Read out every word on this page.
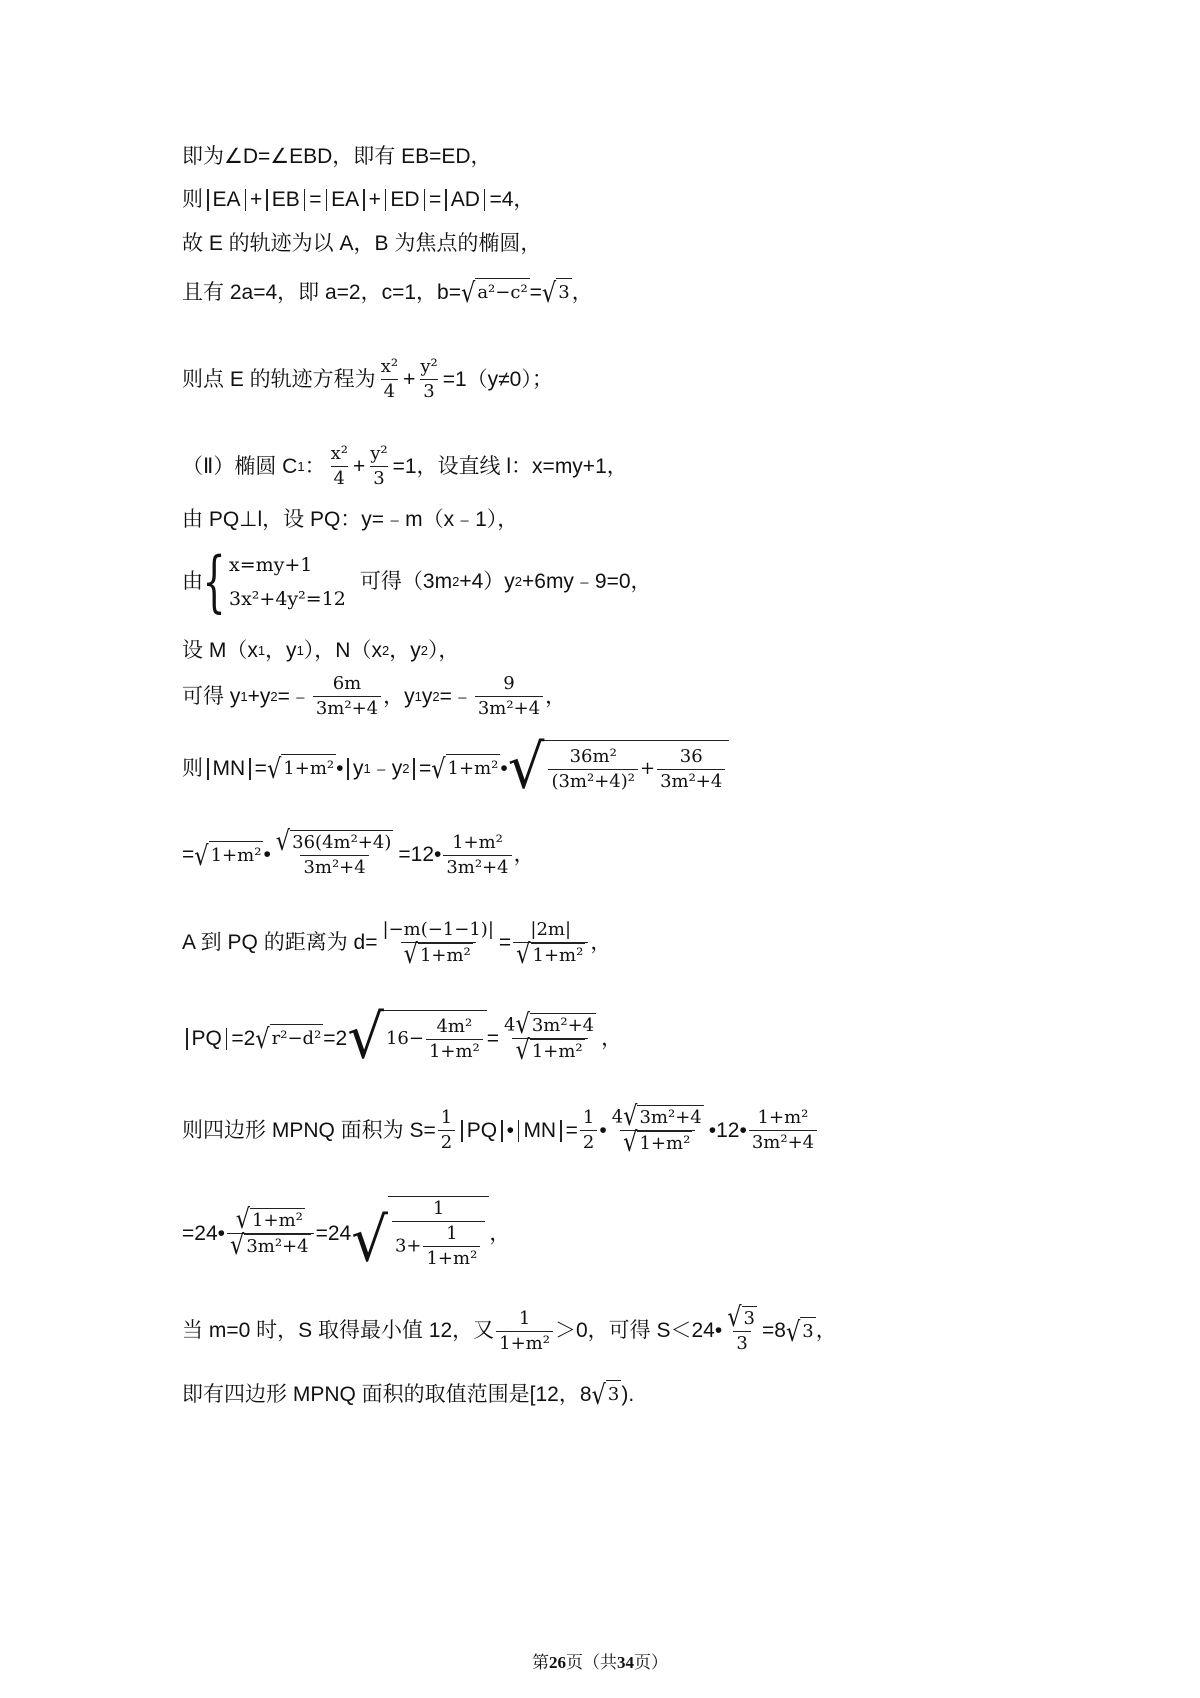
即为∠D=∠EBD，即有 EB=ED，
则 EA + EB = EA + ED = AD =4，
故 E 的轨迹为以 A，B 为焦点的椭圆，
且有 2a=4，即 a=2，c=1，b= √ a²−c² = √ 3 ，
则点 E 的轨迹方程为 $\frac{\text{x²}}{4} + \frac{\text{y²}}{3} =1(y\ne 0)$；
（Ⅱ）椭圆 C 1 ： $\frac{\text{x²}}{4} + \frac{\text{y²}}{3} =1$，设直线 l：x=my+1，
由 PQ⊥l，设 PQ：y=﹣m（x﹣1），
由 { x=my+1
3x²+4y²=12
可得（3m 2 +4）y 2 +6my﹣9=0，
设 M（x 1 ，y 1 ），N（x 2 ，y 2 ），
可得 y 1 +y 2 =﹣ $\frac{6m}{\text{3m²+4}}$ ，y 1 y 2 =﹣ $\frac{9}{\text{3m²+4}}$ ，
则 MN = √ 1+m² • y 1 ﹣y 2 = √ 1+m² • √ $\frac{\text{36m²}}{\text{(3m²+4)²}} + \frac{36}{\text{3m²+4}}$
= √ 1+m² • $\frac{\text{√ 36(4m²+4)}}{\text{3m²+4}}$ =12• $\frac{\text{1+m²}}{\text{3m²+4}}$ ，
A 到 PQ 的距离为 $d= \frac{|-m(-1-1)|}{\text{√ 1+m²}} = \frac{|2m|}{\text{√ 1+m²}}$ ，
PQ =2 √ r²−d² =2 √ $16- \frac{\text{4m²}}{\text{1+m²}} = \frac{\text{4 √ 3m²+4}}{\text{√ 1+m²}}$ ，
则四边形 MPNQ 面积为 $S= \frac{1}{2}$ PQ • MN = $\frac{1}{2}$ • $\frac{\text{4 √ 3m²+4}}{\text{√ 1+m²}}$ •12• $\frac{\text{1+m²}}{\text{3m²+4}}$
=24• $\frac{\text{√ 1+m²}}{\text{√ 3m²+4}} =24$ √ $\frac{1}{3+ \frac{1}{\text{1+m²}}}$ ，
当 m=0 时，S 取得最小值 12，又 $\frac{1}{\text{1+m²}} >0$，可得 S＜24• $\frac{√ 3}{3} =8$ √ 3 ，
即有四边形 MPNQ 面积的取值范围是[12，8 √ 3 ).
第26页（共34页）
